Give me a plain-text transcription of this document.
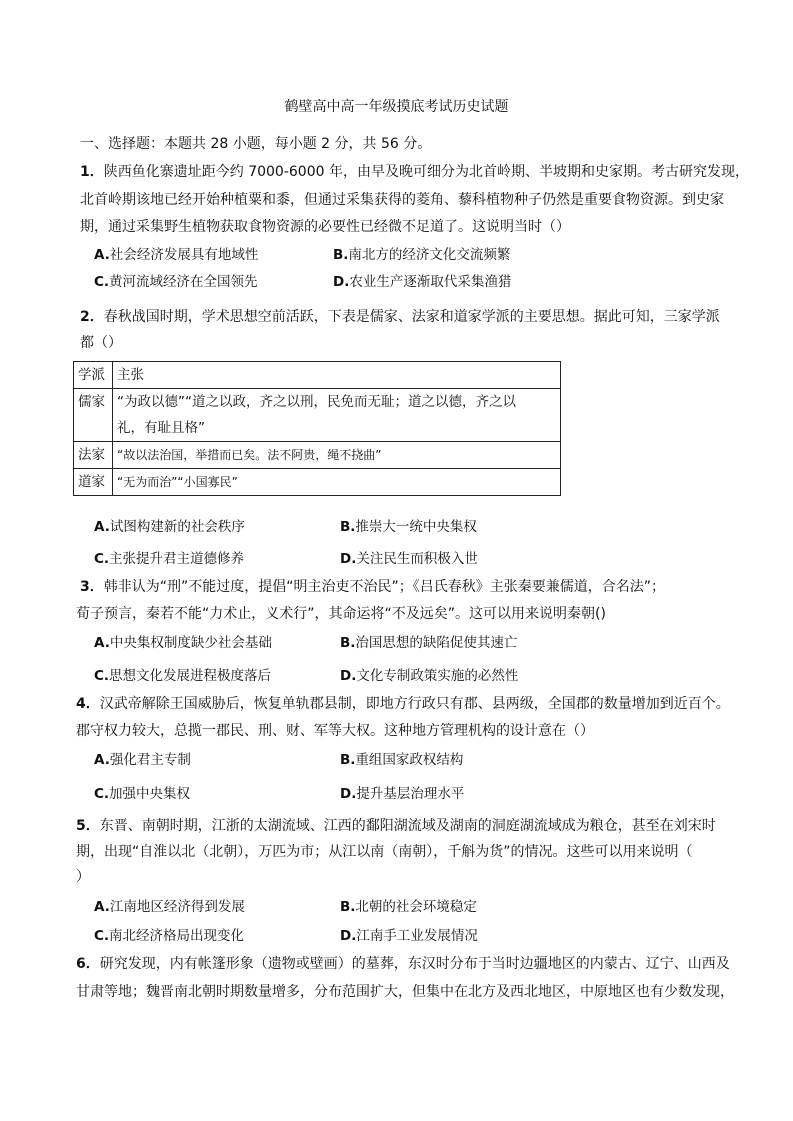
鹤壁高中高一年级摸底考试历史试题
一、选择题：本题共 28 小题，每小题 2 分，共 56 分。
1．陕西鱼化寨遗址距今约 7000-6000 年，由早及晚可细分为北首岭期、半坡期和史家期。考古研究发现，
北首岭期该地已经开始种植粟和黍，但通过采集获得的菱角、藜科植物种子仍然是重要食物资源。到史家
期，通过采集野生植物获取食物资源的必要性已经微不足道了。这说明当时（）
A.社会经济发展具有地域性	B.南北方的经济文化交流频繁
C.黄河流域经济在全国领先	D.农业生产逐渐取代采集渔猎
2．春秋战国时期，学术思想空前活跃，下表是儒家、法家和道家学派的主要思想。据此可知，三家学派
都（）
学派	主张
儒家	“为政以德”“道之以政，齐之以刑，民免而无耻；道之以德，齐之以
礼，有耻且格”

法家	“故以法治国，举措而已矣。法不阿贵，绳不挠曲”
道家	“无为而治”“小国寡民”
A.试图构建新的社会秩序	B.推崇大一统中央集权
C.主张提升君主道德修养	D.关注民生而积极入世
3．韩非认为“刑”不能过度，提倡“明主治吏不治民”；《吕氏春秋》主张秦要兼儒道，合名法”；
荀子预言，秦若不能“力术止，义术行”，其命运将“不及远矣”。这可以用来说明秦朝()
A.中央集权制度缺少社会基础	B.治国思想的缺陷促使其速亡
C.思想文化发展进程极度落后	D.文化专制政策实施的必然性
4．汉武帝解除王国威胁后，恢复单轨郡县制，即地方行政只有郡、县两级，全国郡的数量增加到近百个。
郡守权力较大，总揽一郡民、刑、财、军等大权。这种地方管理机构的设计意在（）
A.强化君主专制	B.重组国家政权结构
C.加强中央集权	D.提升基层治理水平
5．东晋、南朝时期，江浙的太湖流域、江西的鄱阳湖流域及湖南的洞庭湖流域成为粮仓，甚至在刘宋时
期，出现“自淮以北（北朝），万匹为市；从江以南（南朝），千斛为货”的情况。这些可以用来说明（
）
A.江南地区经济得到发展	B.北朝的社会环境稳定
C.南北经济格局出现变化	D.江南手工业发展情况
6．研究发现，内有帐篷形象（遗物或壁画）的墓葬，东汉时分布于当时边疆地区的内蒙古、辽宁、山西及
甘肃等地；魏晋南北朝时期数量增多，分布范围扩大，但集中在北方及西北地区，中原地区也有少数发现，
